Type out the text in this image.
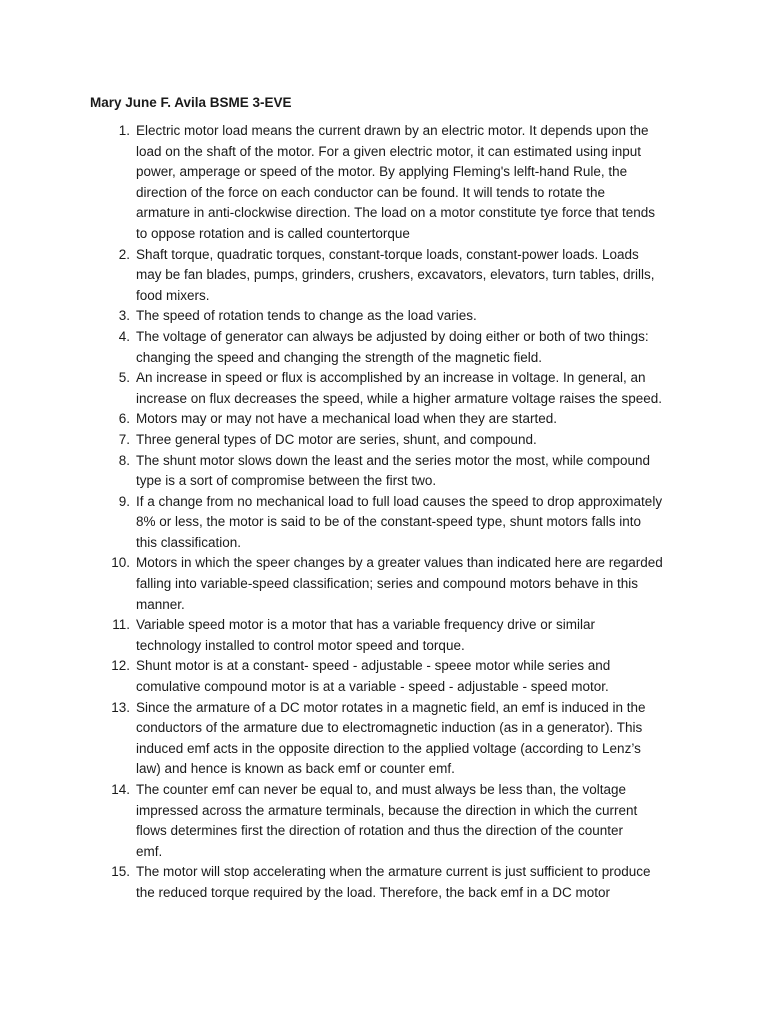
Mary June F. Avila BSME 3-EVE
1. Electric motor load means the current drawn by an electric motor. It depends upon the
load on the shaft of the motor. For a given electric motor, it can estimated using input
power, amperage or speed of the motor. By applying Fleming's lelft-hand Rule, the
direction of the force on each conductor can be found. It will tends to rotate the
armature in anti-clockwise direction. The load on a motor constitute tye force that tends
to oppose rotation and is called countertorque
2. Shaft torque, quadratic torques, constant-torque loads, constant-power loads. Loads
may be fan blades, pumps, grinders, crushers, excavators, elevators, turn tables, drills,
food mixers.
3. The speed of rotation tends to change as the load varies.
4. The voltage of generator can always be adjusted by doing either or both of two things:
changing the speed and changing the strength of the magnetic field.
5. An increase in speed or flux is accomplished by an increase in voltage. In general, an
increase on flux decreases the speed, while a higher armature voltage raises the speed.
6. Motors may or may not have a mechanical load when they are started.
7. Three general types of DC motor are series, shunt, and compound.
8. The shunt motor slows down the least and the series motor the most, while compound
type is a sort of compromise between the first two.
9. If a change from no mechanical load to full load causes the speed to drop approximately
8% or less, the motor is said to be of the constant-speed type, shunt motors falls into
this classification.
10. Motors in which the speer changes by a greater values than indicated here are regarded
falling into variable-speed classification; series and compound motors behave in this
manner.
11. Variable speed motor is a motor that has a variable frequency drive or similar
technology installed to control motor speed and torque.
12. Shunt motor is at a constant- speed - adjustable - speee motor while series and
comulative compound motor is at a variable - speed - adjustable - speed motor.
13. Since the armature of a DC motor rotates in a magnetic field, an emf is induced in the
conductors of the armature due to electromagnetic induction (as in a generator). This
induced emf acts in the opposite direction to the applied voltage (according to Lenz’s
law) and hence is known as back emf or counter emf.
14. The counter emf can never be equal to, and must always be less than, the voltage
impressed across the armature terminals, because the direction in which the current
flows determines first the direction of rotation and thus the direction of the counter
emf.
15. The motor will stop accelerating when the armature current is just sufficient to produce
the reduced torque required by the load. Therefore, the back emf in a DC motor
